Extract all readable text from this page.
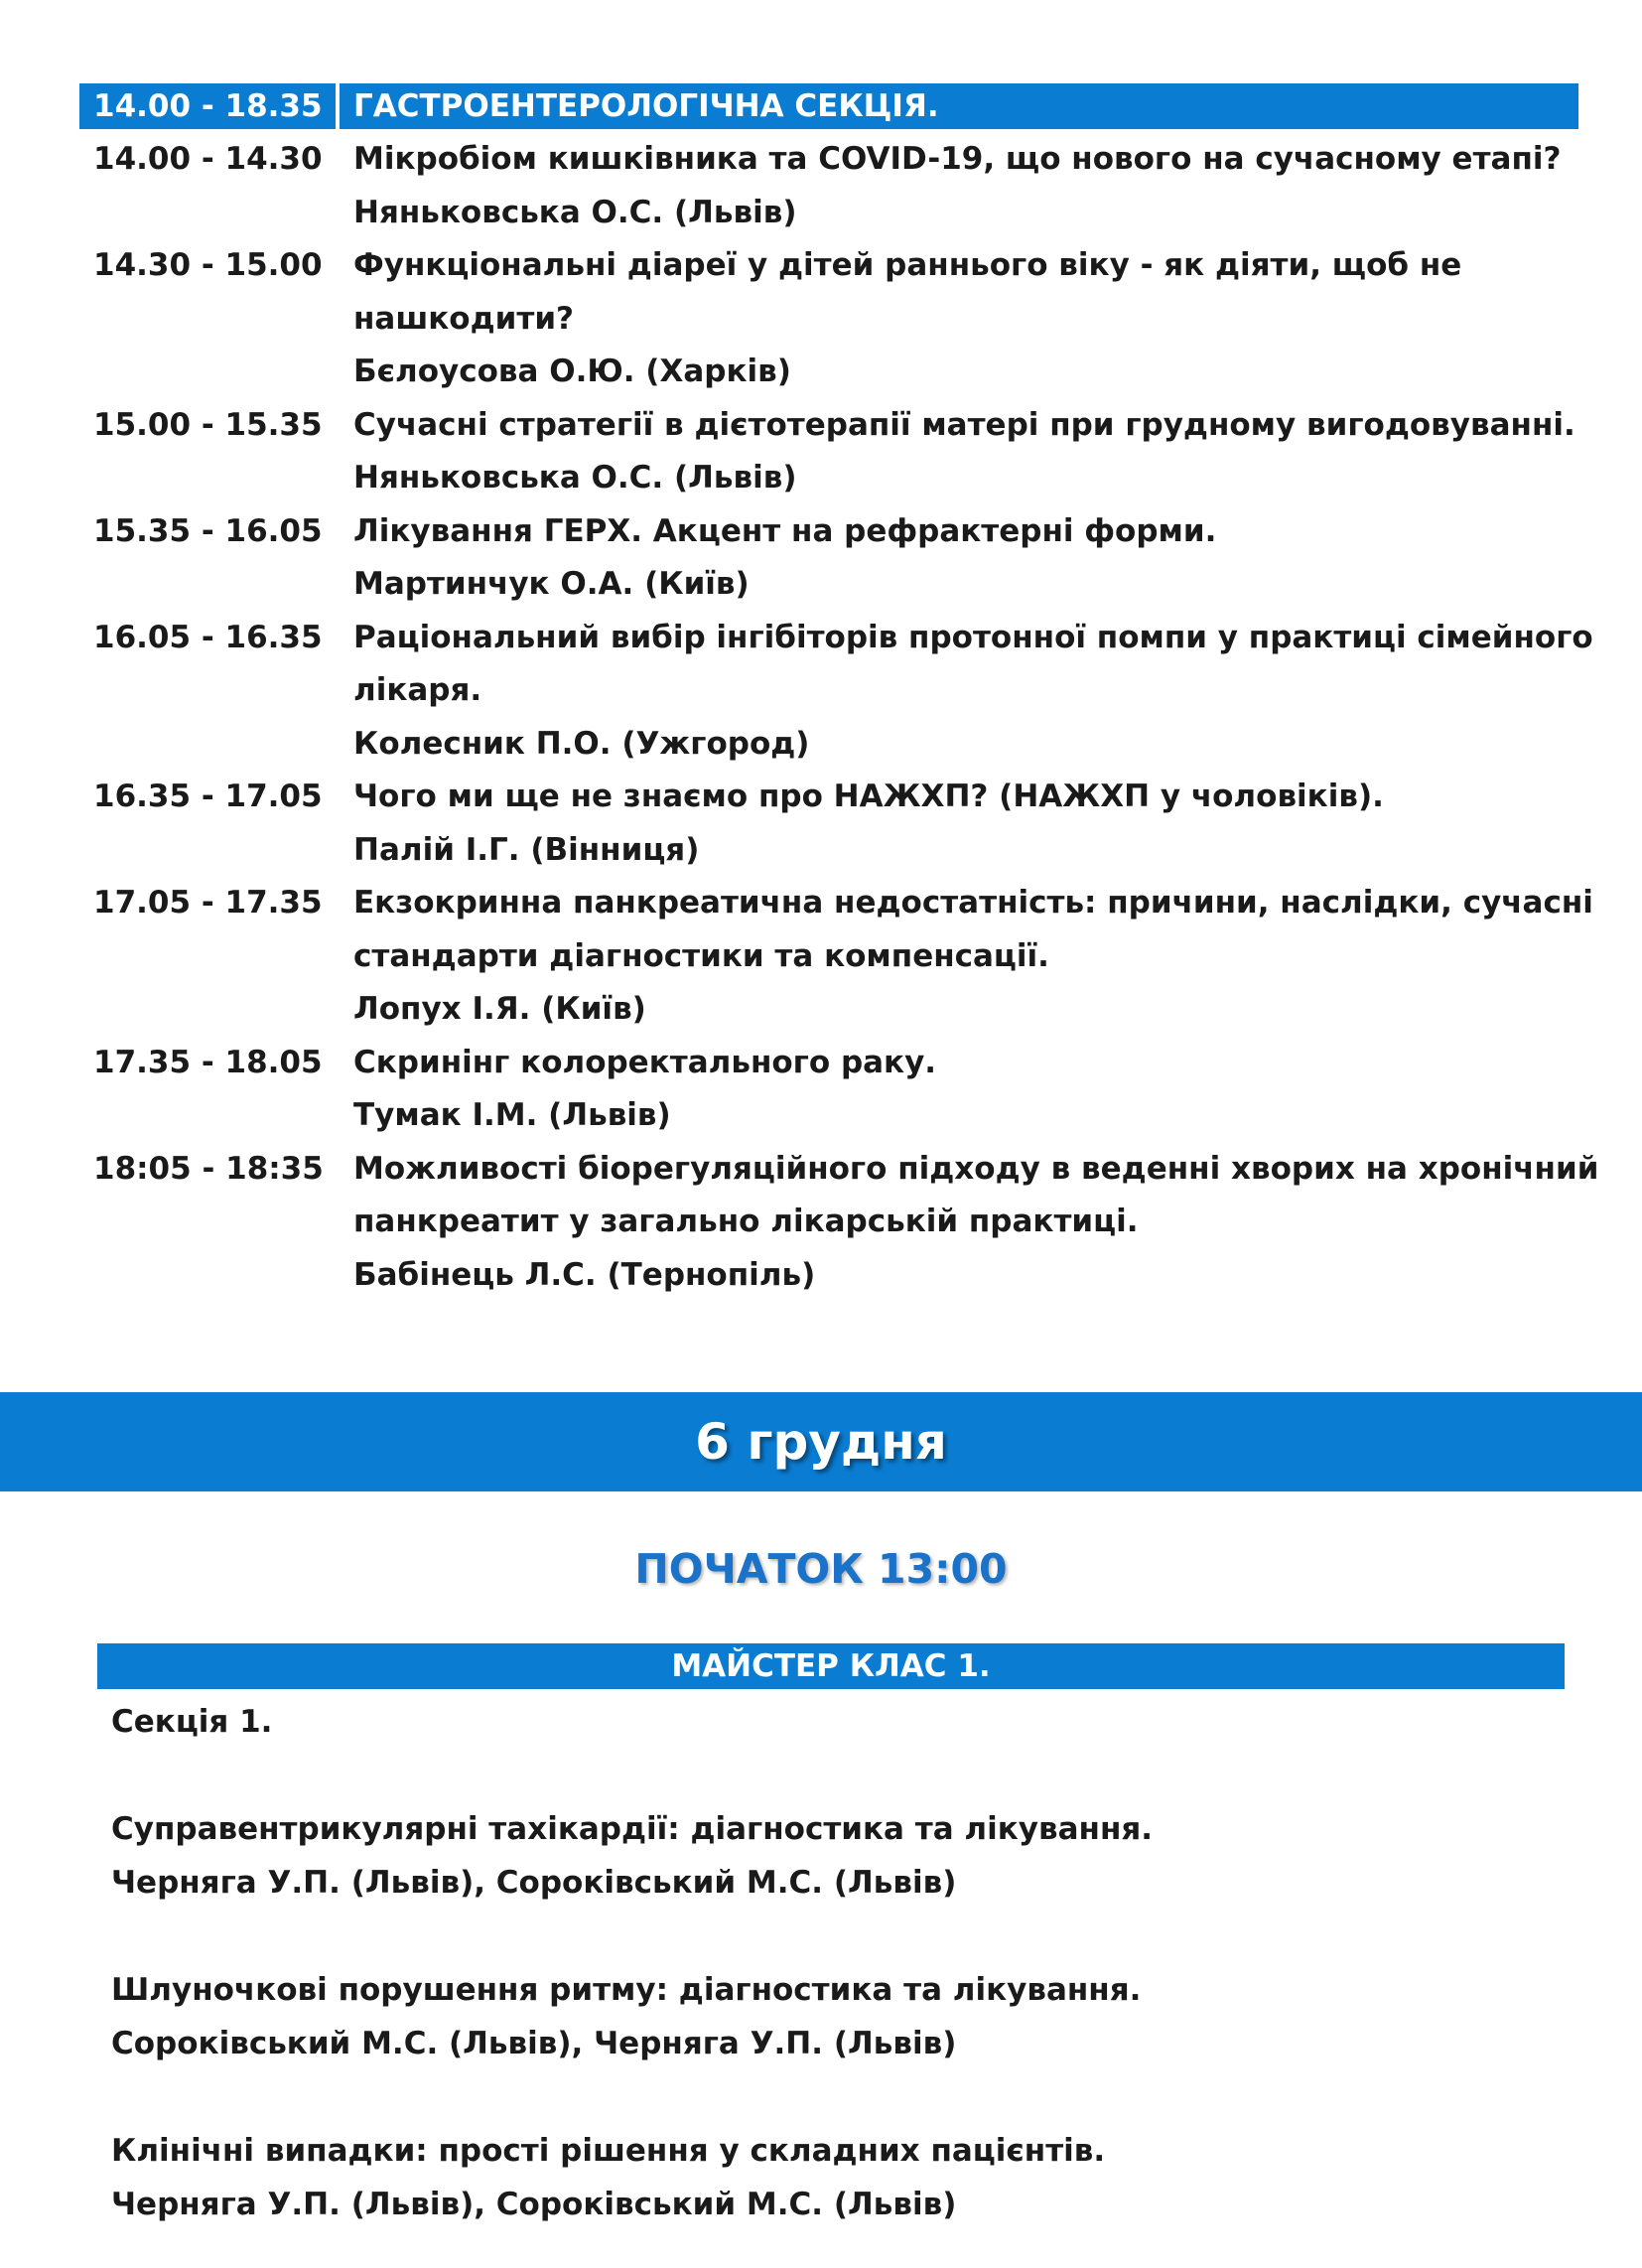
14.00 - 18.35 ГАСТРОЕНТЕРОЛОГІЧНА СЕКЦІЯ.
14.00 - 14.30	Мікробіом кишківника та COVID-19, що нового на сучасному етапі?
Няньковська О.С. (Львів)
14.30 - 15.00	Функціональні діареї у дітей раннього віку - як діяти, щоб не
нашкодити?
Бєлоусова О.Ю. (Харків)
15.00 - 15.35	Сучасні стратегії в дієтотерапії матері при грудному вигодовуванні.
Няньковська О.С. (Львів)
15.35 - 16.05	Лікування ГЕРХ. Акцент на рефрактерні форми.
Мартинчук О.А. (Київ)
16.05 - 16.35	Раціональний вибір інгібіторів протонної помпи у практиці сімейного
лікаря.
Колесник П.О. (Ужгород)
16.35 - 17.05	Чого ми ще не знаємо про НАЖХП? (НАЖХП у чоловіків).
Палій І.Г. (Вінниця)
17.05 - 17.35	Екзокринна панкреатична недостатність: причини, наслідки, сучасні
стандарти діагностики та компенсації.
Лопух І.Я. (Київ)
17.35 - 18.05	Скринінг колоректального раку.
Тумак І.М. (Львів)
18:05 - 18:35 Можливості біорегуляційного підходу в веденні хворих на хронічний
панкреатит у загально лікарській практиці.
Бабінець Л.С. (Тернопіль)
6 грудня
ПОЧАТОК 13:00
МАЙСТЕР КЛАС 1.
Секція 1.
Суправентрикулярні тахікардії: діагностика та лікування.
Черняга У.П. (Львів), Сороківський М.С. (Львів)
Шлуночкові порушення ритму: діагностика та лікування.
Сороківський М.С. (Львів), Черняга У.П. (Львів)
Клінічні випадки: прості рішення у складних пацієнтів.
Черняга У.П. (Львів), Сороківський М.С. (Львів)
